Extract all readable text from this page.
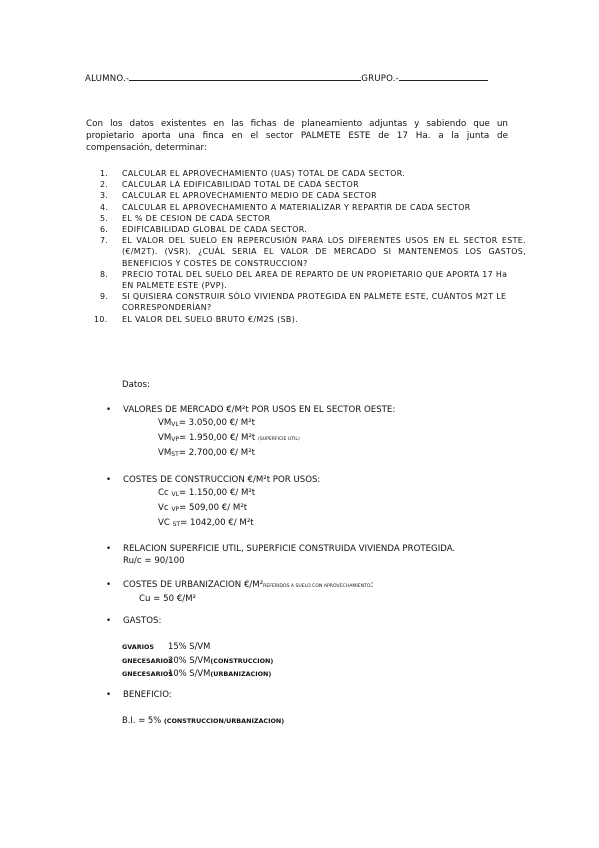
ALUMNO.-	GRUPO.-
Con los datos existentes en las fichas de planeamiento adjuntas y sabiendo que un
propietario aporta una finca en el sector PALMETE ESTE de 17 Ha. a la junta de
compensación, determinar:
1. CALCULAR EL APROVECHAMIENTO (UAS) TOTAL DE CADA SECTOR.
2. CALCULAR LA EDIFICABILIDAD TOTAL DE CADA SECTOR
3. CALCULAR EL APROVECHAMIENTO MEDIO DE CADA SECTOR
4. CALCULAR EL APROVECHAMIENTO A MATERIALIZAR Y REPARTIR DE CADA SECTOR
5. EL % DE CESION DE CADA SECTOR
6. EDIFICABILIDAD GLOBAL DE CADA SECTOR.
7. EL VALOR DEL SUELO EN REPERCUSIÓN PARA LOS DIFERENTES USOS EN EL SECTOR ESTE.
(€/M2T). (VSR). ¿CUÁL SERIA EL VALOR DE MERCADO SI MANTENEMOS LOS GASTOS,
BENEFICIOS Y COSTES DE CONSTRUCCION?
8. PRECIO TOTAL DEL SUELO DEL AREA DE REPARTO DE UN PROPIETARIO QUE APORTA 17 Ha
EN PALMETE ESTE (PVP).
9. SI QUISIERA CONSTRUIR SÓLO VIVIENDA PROTEGIDA EN PALMETE ESTE, CUÁNTOS M2T LE
CORRESPONDERÍAN?
10. EL VALOR DEL SUELO BRUTO €/M2S (SB).
Datos:
• VALORES DE MERCADO €/M²t POR USOS EN EL SECTOR OESTE:
$VM_{VL}= 3.050,00$ €/ M²t
$VM_{VP}= 1.950,00$ €/ M²t (SUPERFICIE UTIL)
$VM_{ST}= 2.700,00$ €/ M²t
• COSTES DE CONSTRUCCION €/M²t POR USOS:
Cc $_{VL}$= 1.150,00 €/ M²t
Vc $_{VP}$= 509,00 €/ M²t
VC $_{ST}$= 1042,00 €/ M²t
• RELACION SUPERFICIE UTIL, SUPERFICIE CONSTRUIDA VIVIENDA PROTEGIDA.
Ru/c = 90/100
• COSTES DE URBANIZACION €/M²REFERIDOS A SUELO CON APROVECHAMIENTO:
Cu = 50 €/M²
• GASTOS:
GVARIOS 15% S/VM
GNECESARIOS20% S/VM(CONSTRUCCION)
GNECESARIOS10% S/VM(URBANIZACION)
• BENEFICIO:
B.I. = 5% (CONSTRUCCION/URBANIZACION)
